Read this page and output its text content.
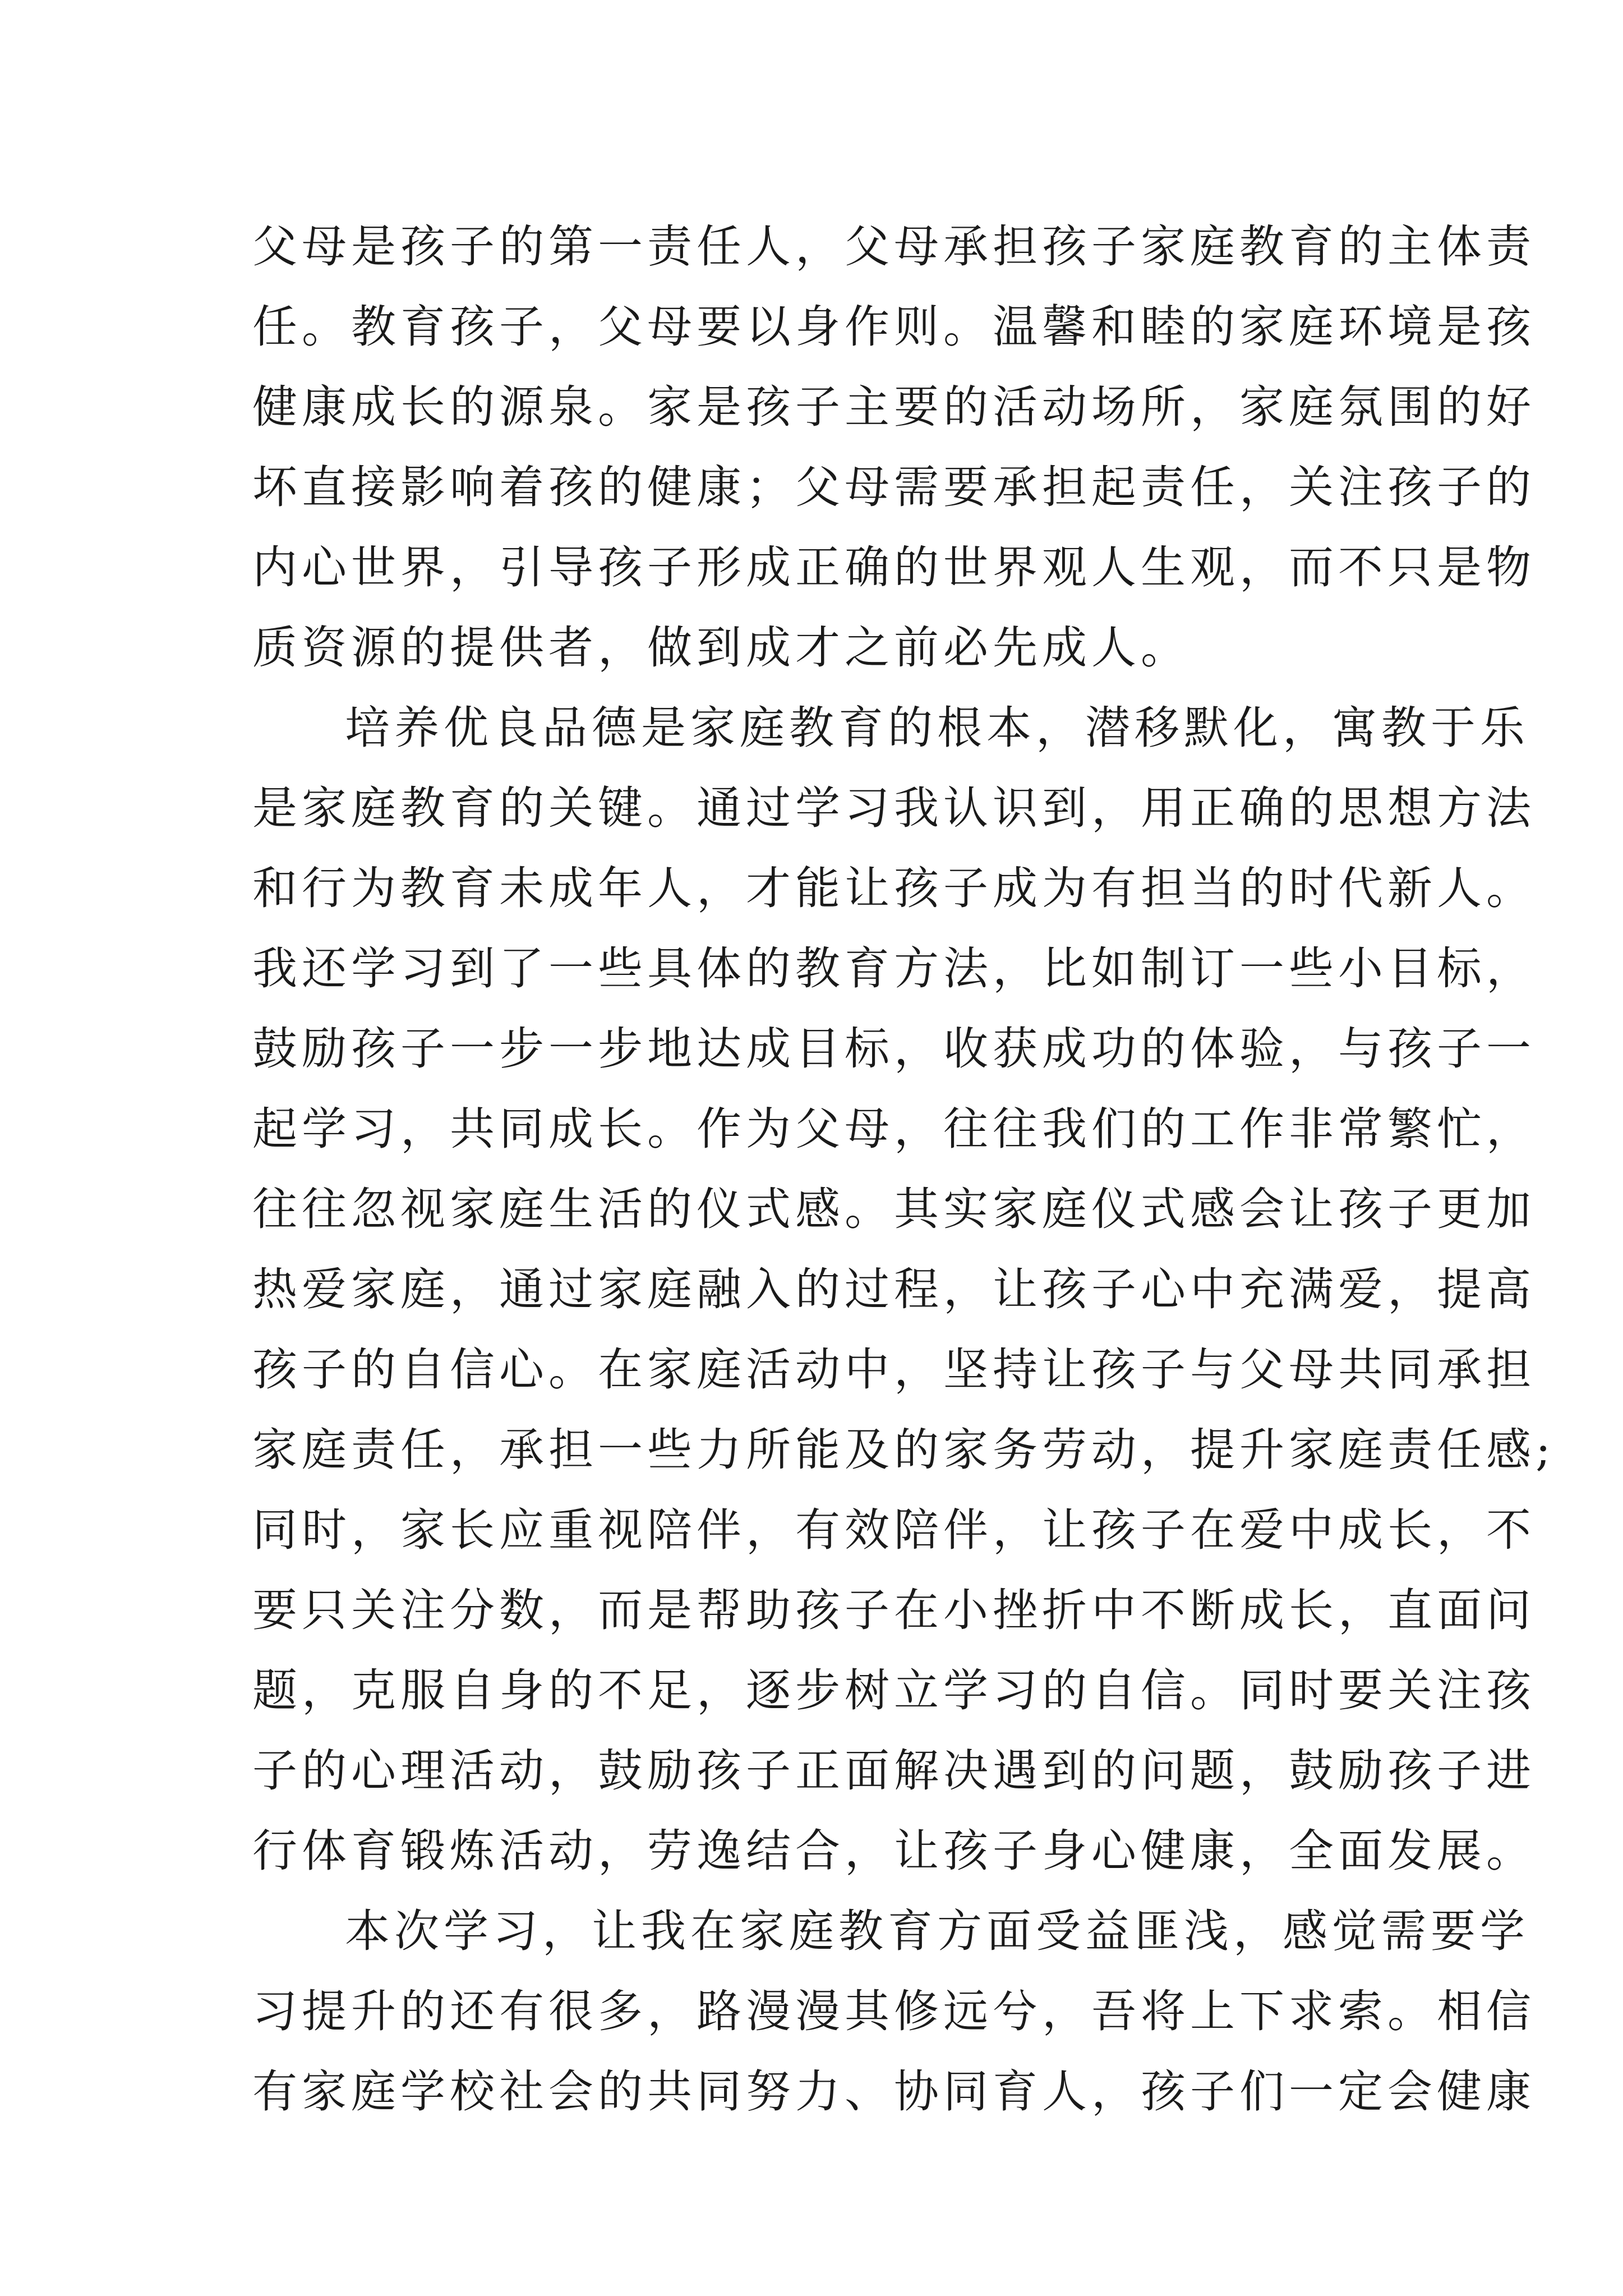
父母是孩子的第一责任人，父母承担孩子家庭教育的主体责
任。教育孩子，父母要以身作则。温馨和睦的家庭环境是孩
健康成长的源泉。家是孩子主要的活动场所，家庭氛围的好
坏直接影响着孩的健康；父母需要承担起责任，关注孩子的
内心世界，引导孩子形成正确的世界观人生观，而不只是物
质资源的提供者，做到成才之前必先成人。
培养优良品德是家庭教育的根本，潜移默化，寓教于乐
是家庭教育的关键。通过学习我认识到，用正确的思想方法
和行为教育未成年人，才能让孩子成为有担当的时代新人。
我还学习到了一些具体的教育方法，比如制订一些小目标，
鼓励孩子一步一步地达成目标，收获成功的体验，与孩子一
起学习，共同成长。作为父母，往往我们的工作非常繁忙，
往往忽视家庭生活的仪式感。其实家庭仪式感会让孩子更加
热爱家庭，通过家庭融入的过程，让孩子心中充满爱，提高
孩子的自信心。在家庭活动中，坚持让孩子与父母共同承担
家庭责任，承担一些力所能及的家务劳动，提升家庭责任感;
同时，家长应重视陪伴，有效陪伴，让孩子在爱中成长，不
要只关注分数，而是帮助孩子在小挫折中不断成长，直面问
题，克服自身的不足，逐步树立学习的自信。同时要关注孩
子的心理活动，鼓励孩子正面解决遇到的问题，鼓励孩子进
行体育锻炼活动，劳逸结合，让孩子身心健康，全面发展。
本次学习，让我在家庭教育方面受益匪浅，感觉需要学
习提升的还有很多，路漫漫其修远兮，吾将上下求索。相信
有家庭学校社会的共同努力、协同育人，孩子们一定会健康
